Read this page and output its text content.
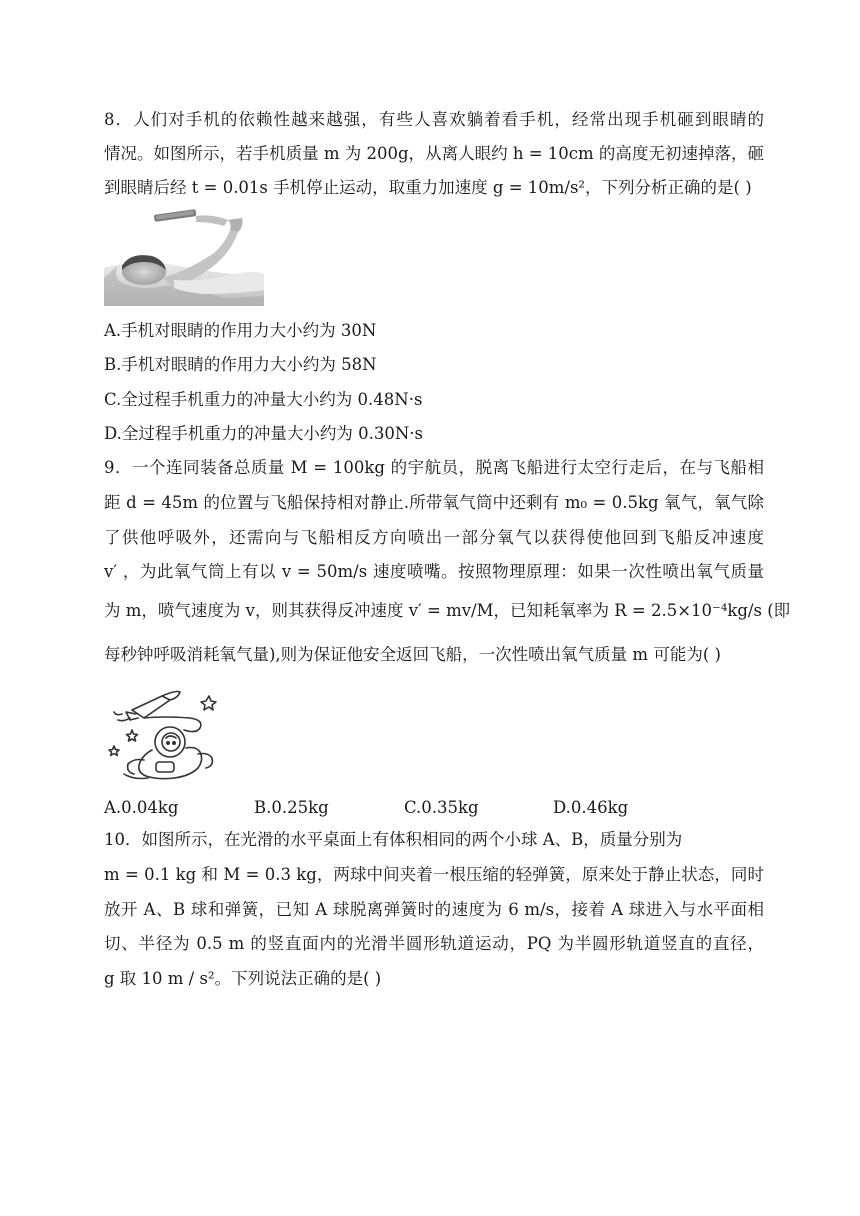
8．人们对手机的依赖性越来越强，有些人喜欢躺着看手机，经常出现手机砸到眼睛的
情况。如图所示，若手机质量 m 为 200g，从离人眼约 h = 10cm 的高度无初速掉落，砸
到眼睛后经 t = 0.01s 手机停止运动，取重力加速度 g = 10m/s²，下列分析正确的是( )
A.手机对眼睛的作用力大小约为 30N
B.手机对眼睛的作用力大小约为 58N
C.全过程手机重力的冲量大小约为 0.48N·s
D.全过程手机重力的冲量大小约为 0.30N·s
9．一个连同装备总质量 M = 100kg 的宇航员，脱离飞船进行太空行走后，在与飞船相
距 d = 45m 的位置与飞船保持相对静止.所带氧气筒中还剩有 m₀ = 0.5kg 氧气，氧气除
了供他呼吸外，还需向与飞船相反方向喷出一部分氧气以获得使他回到飞船反冲速度
v′ ，为此氧气筒上有以 v = 50m/s 速度喷嘴。按照物理原理：如果一次性喷出氧气质量
为 m，喷气速度为 v，则其获得反冲速度 v′ = mv/M，已知耗氧率为 R = 2.5×10⁻⁴kg/s (即
每秒钟呼吸消耗氧气量),则为保证他安全返回飞船，一次性喷出氧气质量 m 可能为( )
A.0.04kg	B.0.25kg	C.0.35kg	D.0.46kg
10．如图所示，在光滑的水平桌面上有体积相同的两个小球 A、B，质量分别为
m = 0.1 kg 和 M = 0.3 kg，两球中间夹着一根压缩的轻弹簧，原来处于静止状态，同时
放开 A、B 球和弹簧，已知 A 球脱离弹簧时的速度为 6 m/s，接着 A 球进入与水平面相
切、半径为 0.5 m 的竖直面内的光滑半圆形轨道运动，PQ 为半圆形轨道竖直的直径，
g 取 10 m / s²。下列说法正确的是( )
